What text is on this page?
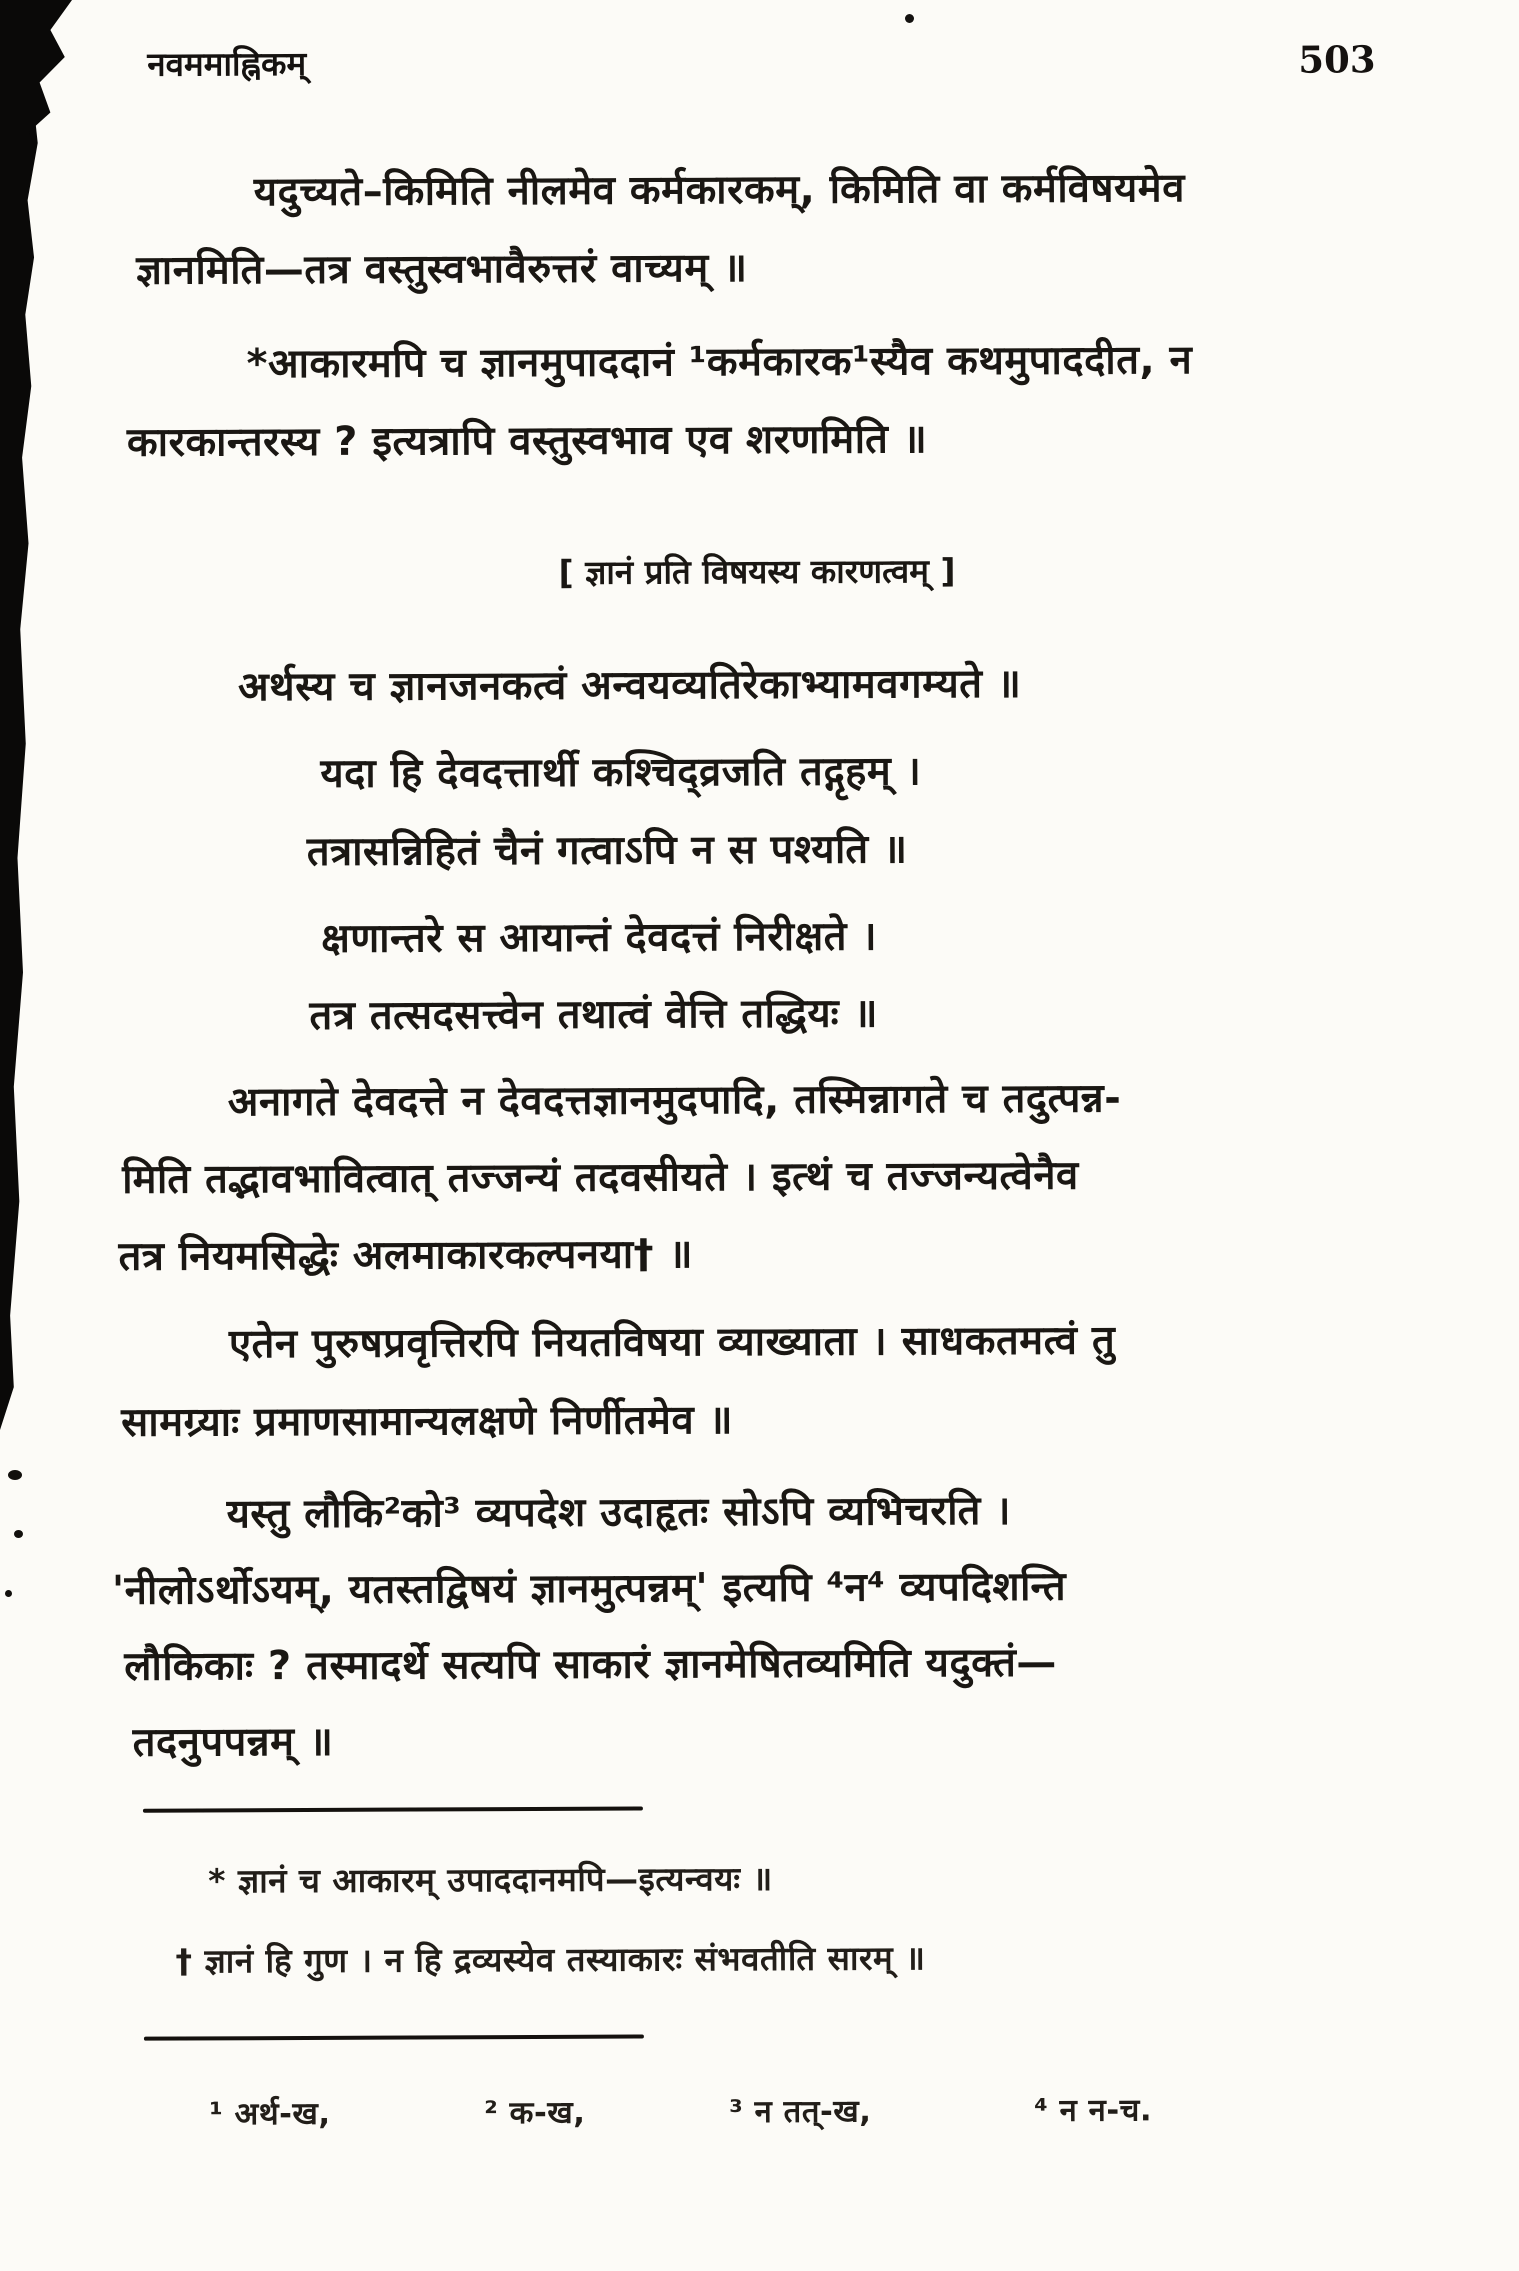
नवममाह्निकम्	503
यदुच्यते–किमिति नीलमेव कर्मकारकम्, किमिति वा कर्मविषयमेव
ज्ञानमिति—तत्र वस्तुस्वभावैरुत्तरं वाच्यम् ॥
*आकारमपि च ज्ञानमुपाददानं ¹कर्मकारक¹स्यैव कथमुपाददीत, न
कारकान्तरस्य ? इत्यत्रापि वस्तुस्वभाव एव शरणमिति ॥
[ ज्ञानं प्रति विषयस्य कारणत्वम् ]
अर्थस्य च ज्ञानजनकत्वं अन्वयव्यतिरेकाभ्यामवगम्यते ॥
यदा हि देवदत्तार्थी कश्चिद्व्रजति तद्गृहम् ।
तत्रासन्निहितं चैनं गत्वाऽपि न स पश्यति ॥
क्षणान्तरे स आयान्तं देवदत्तं निरीक्षते ।
तत्र तत्सदसत्त्वेन तथात्वं वेत्ति तद्धियः ॥
अनागते देवदत्ते न देवदत्तज्ञानमुदपादि, तस्मिन्नागते च तदुत्पन्न-
मिति तद्भावभावित्वात् तज्जन्यं तदवसीयते । इत्थं च तज्जन्यत्वेनैव
तत्र नियमसिद्धेः अलमाकारकल्पनया† ॥
एतेन पुरुषप्रवृत्तिरपि नियतविषया व्याख्याता । साधकतमत्वं तु
सामग्र्याः प्रमाणसामान्यलक्षणे निर्णीतमेव ॥
यस्तु लौकि²को³ व्यपदेश उदाहृतः सोऽपि व्यभिचरति ।
'नीलोऽर्थोऽयम्, यतस्तद्विषयं ज्ञानमुत्पन्नम्' इत्यपि ⁴न⁴ व्यपदिशन्ति
लौकिकाः ? तस्मादर्थे सत्यपि साकारं ज्ञानमेषितव्यमिति यदुक्तं—
तदनुपपन्नम् ॥
* ज्ञानं च आकारम् उपाददानमपि—इत्यन्वयः ॥
† ज्ञानं हि गुण । न हि द्रव्यस्येव तस्याकारः संभवतीति सारम् ॥
¹ अर्थ-ख,	² क-ख,	³ न तत्-ख,	⁴ न न-च.
